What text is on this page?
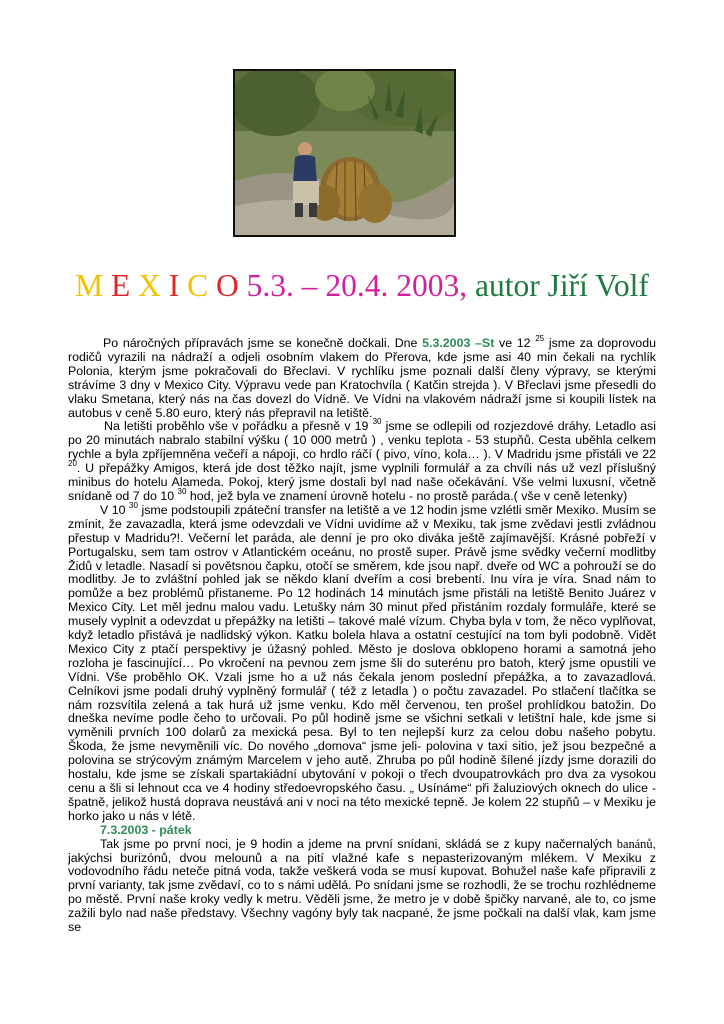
M E X I C O 5.3. – 20.4. 2003, autor Jiří Volf

Po náročných přípravách jsme se konečně dočkali. Dne 5.3.2003 –St ve 12 $^{25}$ jsme za doprovodu rodičů vyrazili na nádraží a odjeli osobním vlakem do Přerova, kde jsme asi 40 min čekali na rychlík Polonia, kterým jsme pokračovali do Břeclavi. V rychlíku jsme poznali další členy výpravy, se kterými strávíme 3 dny v Mexico City. Výpravu vede pan Kratochvíla ( Katčin strejda ). V Břeclavi jsme přesedli do vlaku Smetana, který nás na čas dovezl do Vídně. Ve Vídni na vlakovém nádraží jsme si koupili lístek na autobus v ceně 5.80 euro, který nás přepravil na letiště.

Na letišti proběhlo vše v pořádku a přesně v 19 $^{30}$ jsme se odlepili od rozjezdové dráhy. Letadlo asi po 20 minutách nabralo stabilní výšku ( 10 000 metrů ) , venku teplota - 53 stupňů. Cesta uběhla celkem rychle a byla zpříjemněna večeří a nápoji, co hrdlo ráčí ( pivo, víno, kola… ). V Madridu jsme přistáli ve 22 $^{20}$. U přepážky Amigos, která jde dost těžko najít, jsme vyplnili formulář a za chvíli nás už vezl příslušný minibus do hotelu Alameda. Pokoj, který jsme dostali byl nad naše očekávání. Vše velmi luxusní, včetně snídaně od 7 do 10 $^{30}$ hod, jež byla ve znamení úrovně hotelu - no prostě paráda.( vše v ceně letenky)

V 10 $^{30}$ jsme podstoupili zpáteční transfer na letiště a ve 12 hodin jsme vzlétli směr Mexiko. Musím se zmínit, že zavazadla, která jsme odevzdali ve Vídni uvidíme až v Mexiku, tak jsme zvědavi jestli zvládnou přestup v Madridu?!. Večerní let paráda, ale denní je pro oko diváka ještě zajímavější. Krásné pobřeží v Portugalsku, sem tam ostrov v Atlantickém oceánu, no prostě super. Právě jsme svědky večerní modlitby Židů v letadle. Nasadí si povětsnou čapku, otočí se směrem, kde jsou např. dveře od WC a pohrouží se do modlitby. Je to zvláštní pohled jak se někdo klaní dveřím a cosi brebentí. Inu víra je víra. Snad nám to pomůže a bez problémů přistaneme. Po 12 hodinách 14 minutách jsme přistáli na letiště Benito Juárez v Mexico City. Let měl jednu malou vadu. Letušky nám 30 minut před přistáním rozdaly formuláře, které se musely vyplnit a odevzdat u přepážky na letišti – takové malé vízum. Chyba byla v tom, že něco vyplňovat, když letadlo přistává je nadlidský výkon. Katku bolela hlava a ostatní cestující na tom byli podobně. Vidět Mexico City z ptačí perspektivy je úžasný pohled. Město je doslova obklopeno horami a samotná jeho rozloha je fascinující… Po vkročení na pevnou zem jsme šli do suterénu pro batoh, který jsme opustili ve Vídni. Vše proběhlo OK. Vzali jsme ho a už nás čekala jenom poslední přepážka, a to zavazadlová. Celníkovi jsme podali druhý vyplněný formulář ( též z letadla ) o počtu zavazadel. Po stlačení tlačítka se nám rozsvítila zelená a tak hurá už jsme venku. Kdo měl červenou, ten prošel prohlídkou batožin. Do dneška nevíme podle čeho to určovali. Po půl hodině jsme se všichni setkali v letištní hale, kde jsme si vyměnili prvních 100 dolarů za mexická pesa. Byl to ten nejlepší kurz za celou dobu našeho pobytu. Škoda, že jsme nevyměnili víc. Do nového „domova“ jsme jeli- polovina v taxi sitio, jež jsou bezpečné a polovina se strýcovým známým Marcelem v jeho autě. Zhruba po půl hodině šílené jízdy jsme dorazili do hostalu, kde jsme se získali spartakiádní ubytování v pokoji o třech dvoupatrovkách pro dva za vysokou cenu a šli si lehnout cca ve 4 hodiny středoevropského času. „ Usínáme“ při žaluziových oknech do ulice - špatně, jelikož hustá doprava neustává ani v noci na této mexické tepně. Je kolem 22 stupňů – v Mexiku je horko jako u nás v létě.

7.3.2003 - pátek

Tak jsme po první noci, je 9 hodin a jdeme na první snídani, skládá se z kupy načernalých banánů, jakýchsi burizónů, dvou melounů a na pití vlažné kafe s nepasterizovaným mlékem. V Mexiku z vodovodního řádu neteče pitná voda, takže veškerá voda se musí kupovat. Bohužel naše kafe připravili z první varianty, tak jsme zvědaví, co to s námi udělá. Po snídani jsme se rozhodli, že se trochu rozhlédneme po městě. První naše kroky vedly k metru. Věděli jsme, že metro je v době špičky narvané, ale to, co jsme zažili bylo nad naše představy. Všechny vagóny byly tak nacpané, že jsme počkali na další vlak, kam jsme se
